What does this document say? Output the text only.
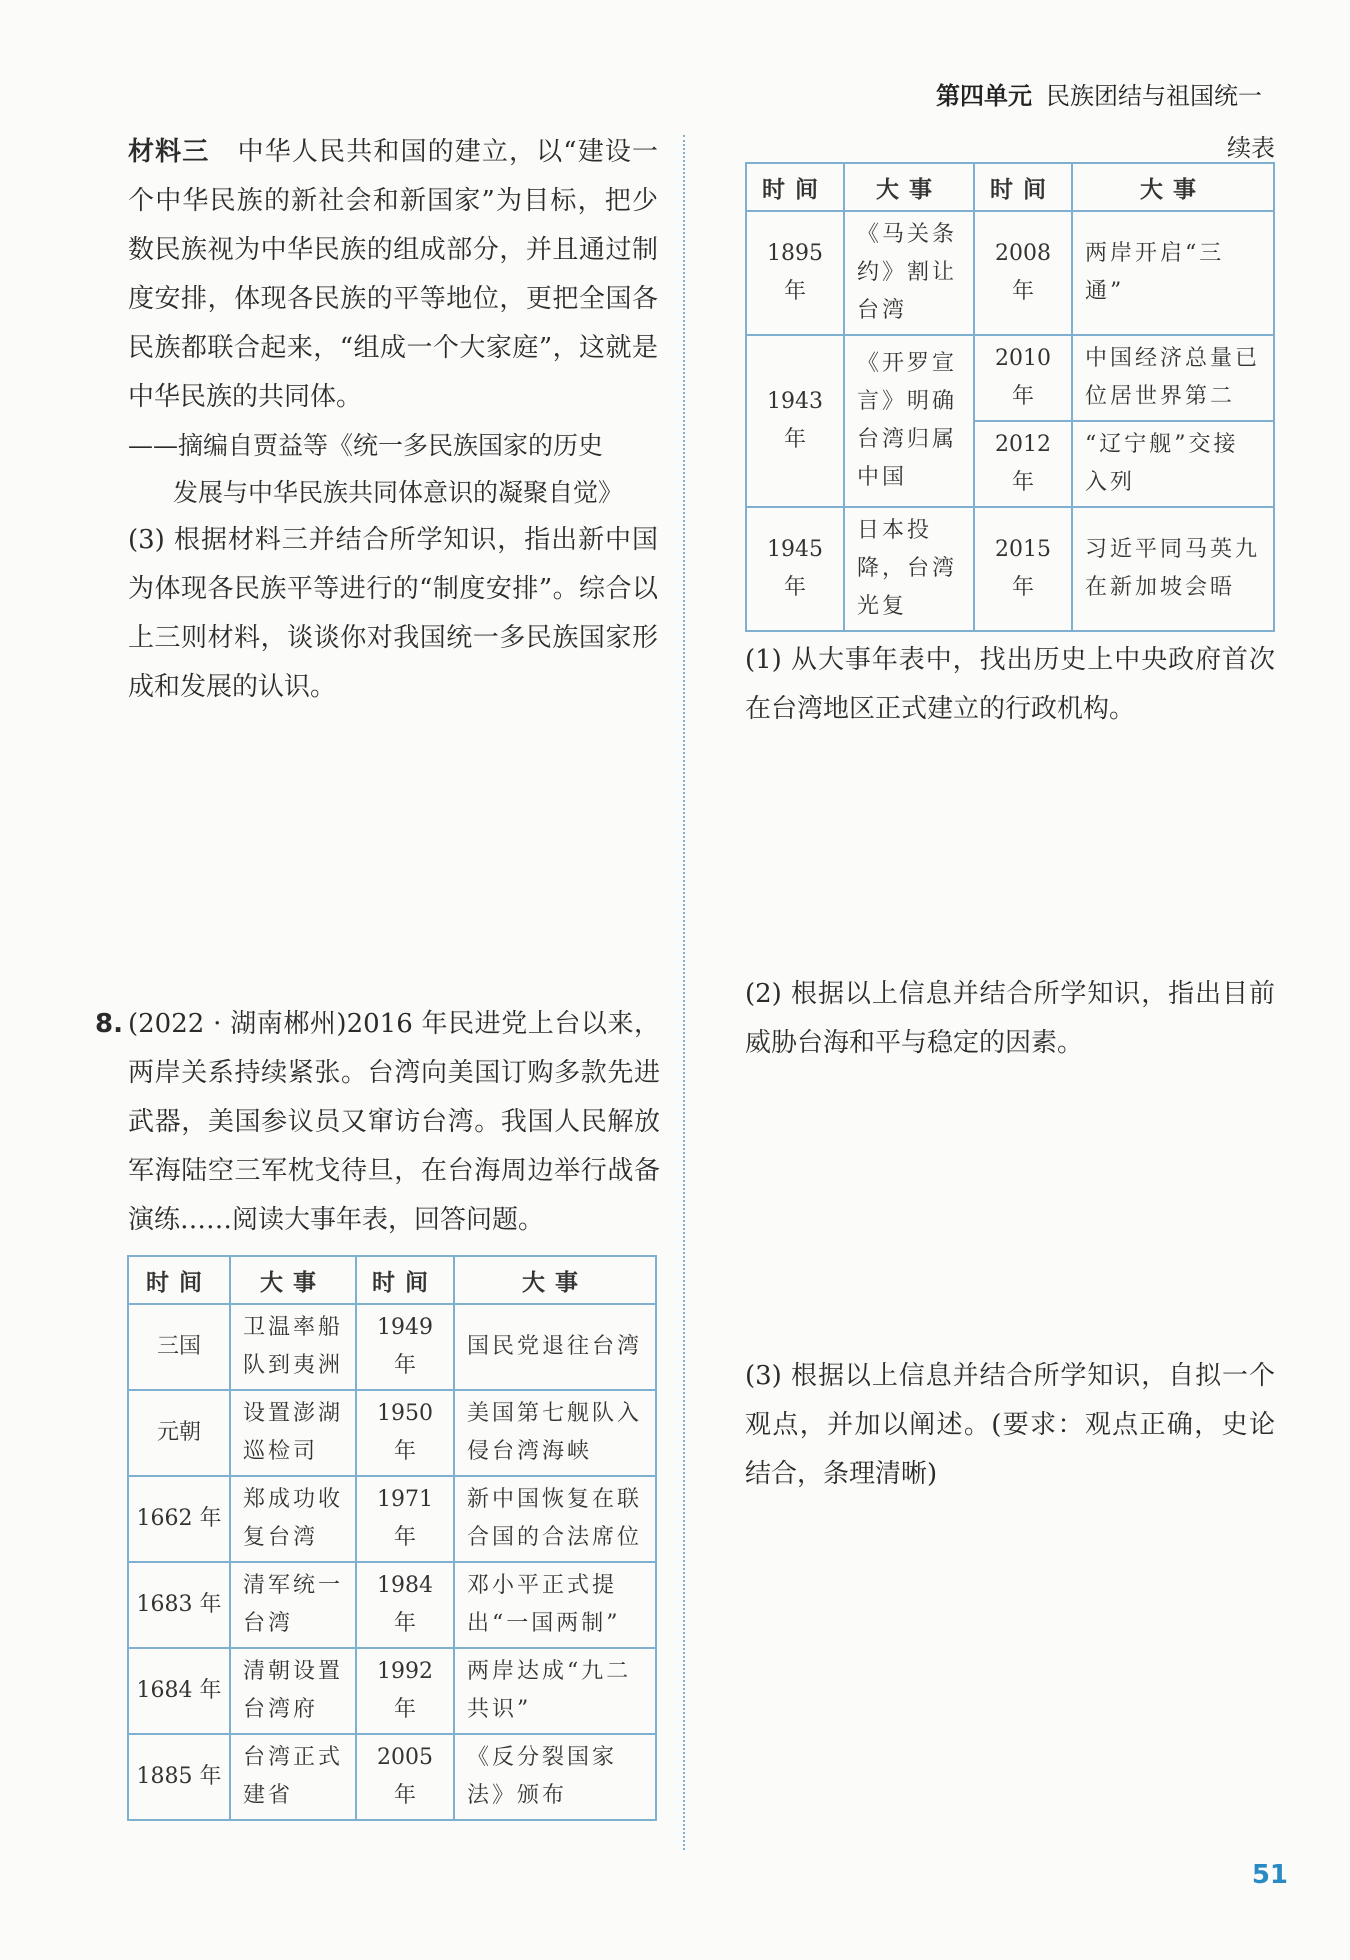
第四单元 民族团结与祖国统一

材料三 中华人民共和国的建立，以“建设一个中华民族的新社会和新国家”为目标，把少数民族视为中华民族的组成部分，并且通过制度安排，体现各民族的平等地位，更把全国各民族都联合起来，“组成一个大家庭”，这就是中华民族的共同体。

——摘编自贾益等《统一多民族国家的历史
发展与中华民族共同体意识的凝聚自觉》

(3) 根据材料三并结合所学知识，指出新中国为体现各民族平等进行的“制度安排”。综合以上三则材料，谈谈你对我国统一多民族国家形成和发展的认识。

8. (2022 · 湖南郴州)2016 年民进党上台以来，两岸关系持续紧张。台湾向美国订购多款先进武器，美国参议员又窜访台湾。我国人民解放军海陆空三军枕戈待旦，在台海周边举行战备演练……阅读大事年表，回答问题。

时间	大事	时间	大事
三国	卫温率船队到夷洲	1949 年	国民党退往台湾
元朝	设置澎湖巡检司	1950 年	美国第七舰队入侵台湾海峡
1662 年	郑成功收复台湾	1971 年	新中国恢复在联合国的合法席位
1683 年	清军统一台湾	1984 年	邓小平正式提出“一国两制”
1684 年	清朝设置台湾府	1992 年	两岸达成“九二共识”
1885 年	台湾正式建省	2005 年	《反分裂国家法》颁布
续表
时间	大事	时间	大事
1895 年	《马关条约》割让台湾	2008 年	两岸开启“三通”
1943 年	《开罗宣言》明确台湾归属中国	2010 年	中国经济总量已位居世界第二
		2012 年	“辽宁舰”交接入列
1945 年	日本投降，台湾光复	2015 年	习近平同马英九在新加坡会晤

(1) 从大事年表中，找出历史上中央政府首次在台湾地区正式建立的行政机构。

(2) 根据以上信息并结合所学知识，指出目前威胁台海和平与稳定的因素。

(3) 根据以上信息并结合所学知识，自拟一个观点，并加以阐述。(要求：观点正确，史论结合，条理清晰)

51
